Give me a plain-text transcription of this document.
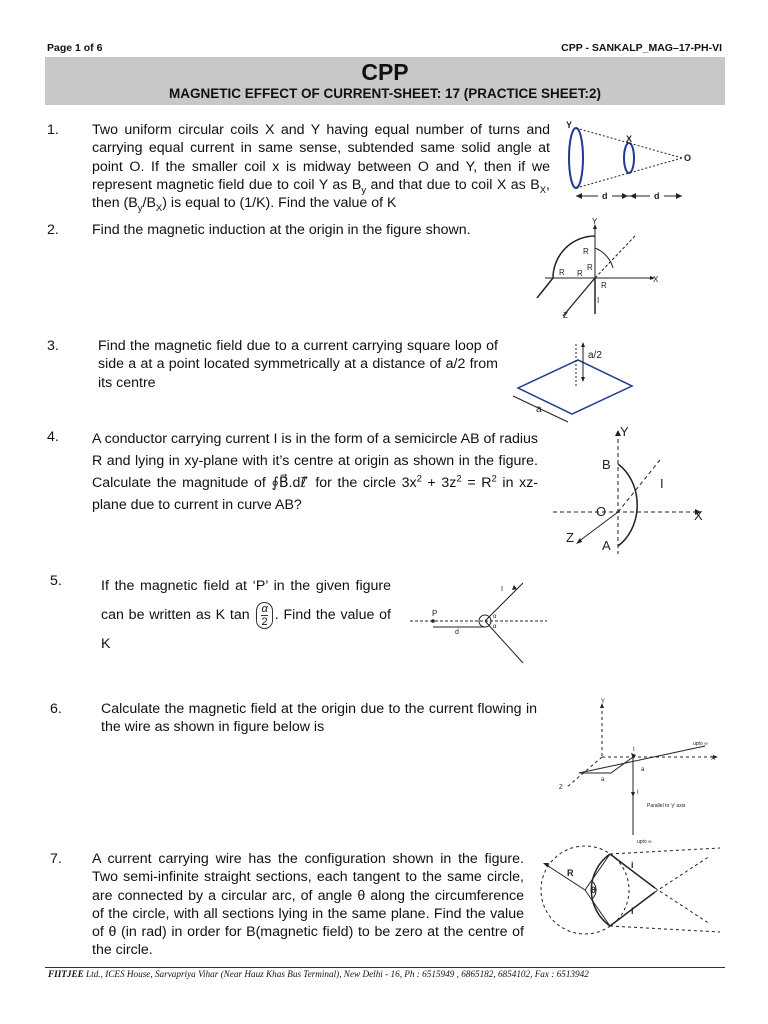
Page 1 of 6	CPP - SANKALP_MAG–17-PH-VI
CPP
MAGNETIC EFFECT OF CURRENT-SHEET: 17 (PRACTICE SHEET:2)
1. Two uniform circular coils X and Y having equal number of turns and carrying equal current in same sense, subtended same solid angle at point O. If the smaller coil x is midway between O and Y, then if we represent magnetic field due to coil Y as $B_y$ and that due to coil X as $B_X$, then $(B_y/B_X)$ is equal to (1/K). Find the value of K
Y
X
O
d	d
2. Find the magnetic induction at the origin in the figure shown.
Y
X
Z
R
R R
R
R
I
3.	Find the magnetic field due to a current carrying square loop of side a at a point located symmetrically at a distance of a/2 from its centre
a/2
a
4. A conductor carrying current I is in the form of a semicircle AB of radius R and lying in xy-plane with it’s centre at origin as shown in the figure. Calculate the magnitude of ∮B⃗.dℓ⃗ for the circle $3x^2 + 3z^2 = R^2$ in xz-plane due to current in curve AB?
Y
X
Z
O
A
B
I
5.	If the magnetic field at ‘P’ in the given figure can be written as K $\tan \frac{\alpha}{2}$ . Find the value of K
P
d
I
α
α
6.	Calculate the magnetic field at the origin due to the current flowing in the wire as shown in figure below is
Y
X
Z
I
I
a
a
upto ∞
upto ∞
Parallel to 'y' axis
7. A current carrying wire has the configuration shown in the figure. Two semi-infinite straight sections, each tangent to the same circle, are connected by a circular arc, of angle θ along the circumference of the circle, with all sections lying in the same plane. Find the value of θ (in rad) in order for B(magnetic field) to be zero at the centre of the circle.
R
θ
i
i
FIITJEE Ltd., ICES House, Sarvapriya Vihar (Near Hauz Khas Bus Terminal), New Delhi - 16, Ph : 6515949 , 6865182, 6854102, Fax : 6513942
